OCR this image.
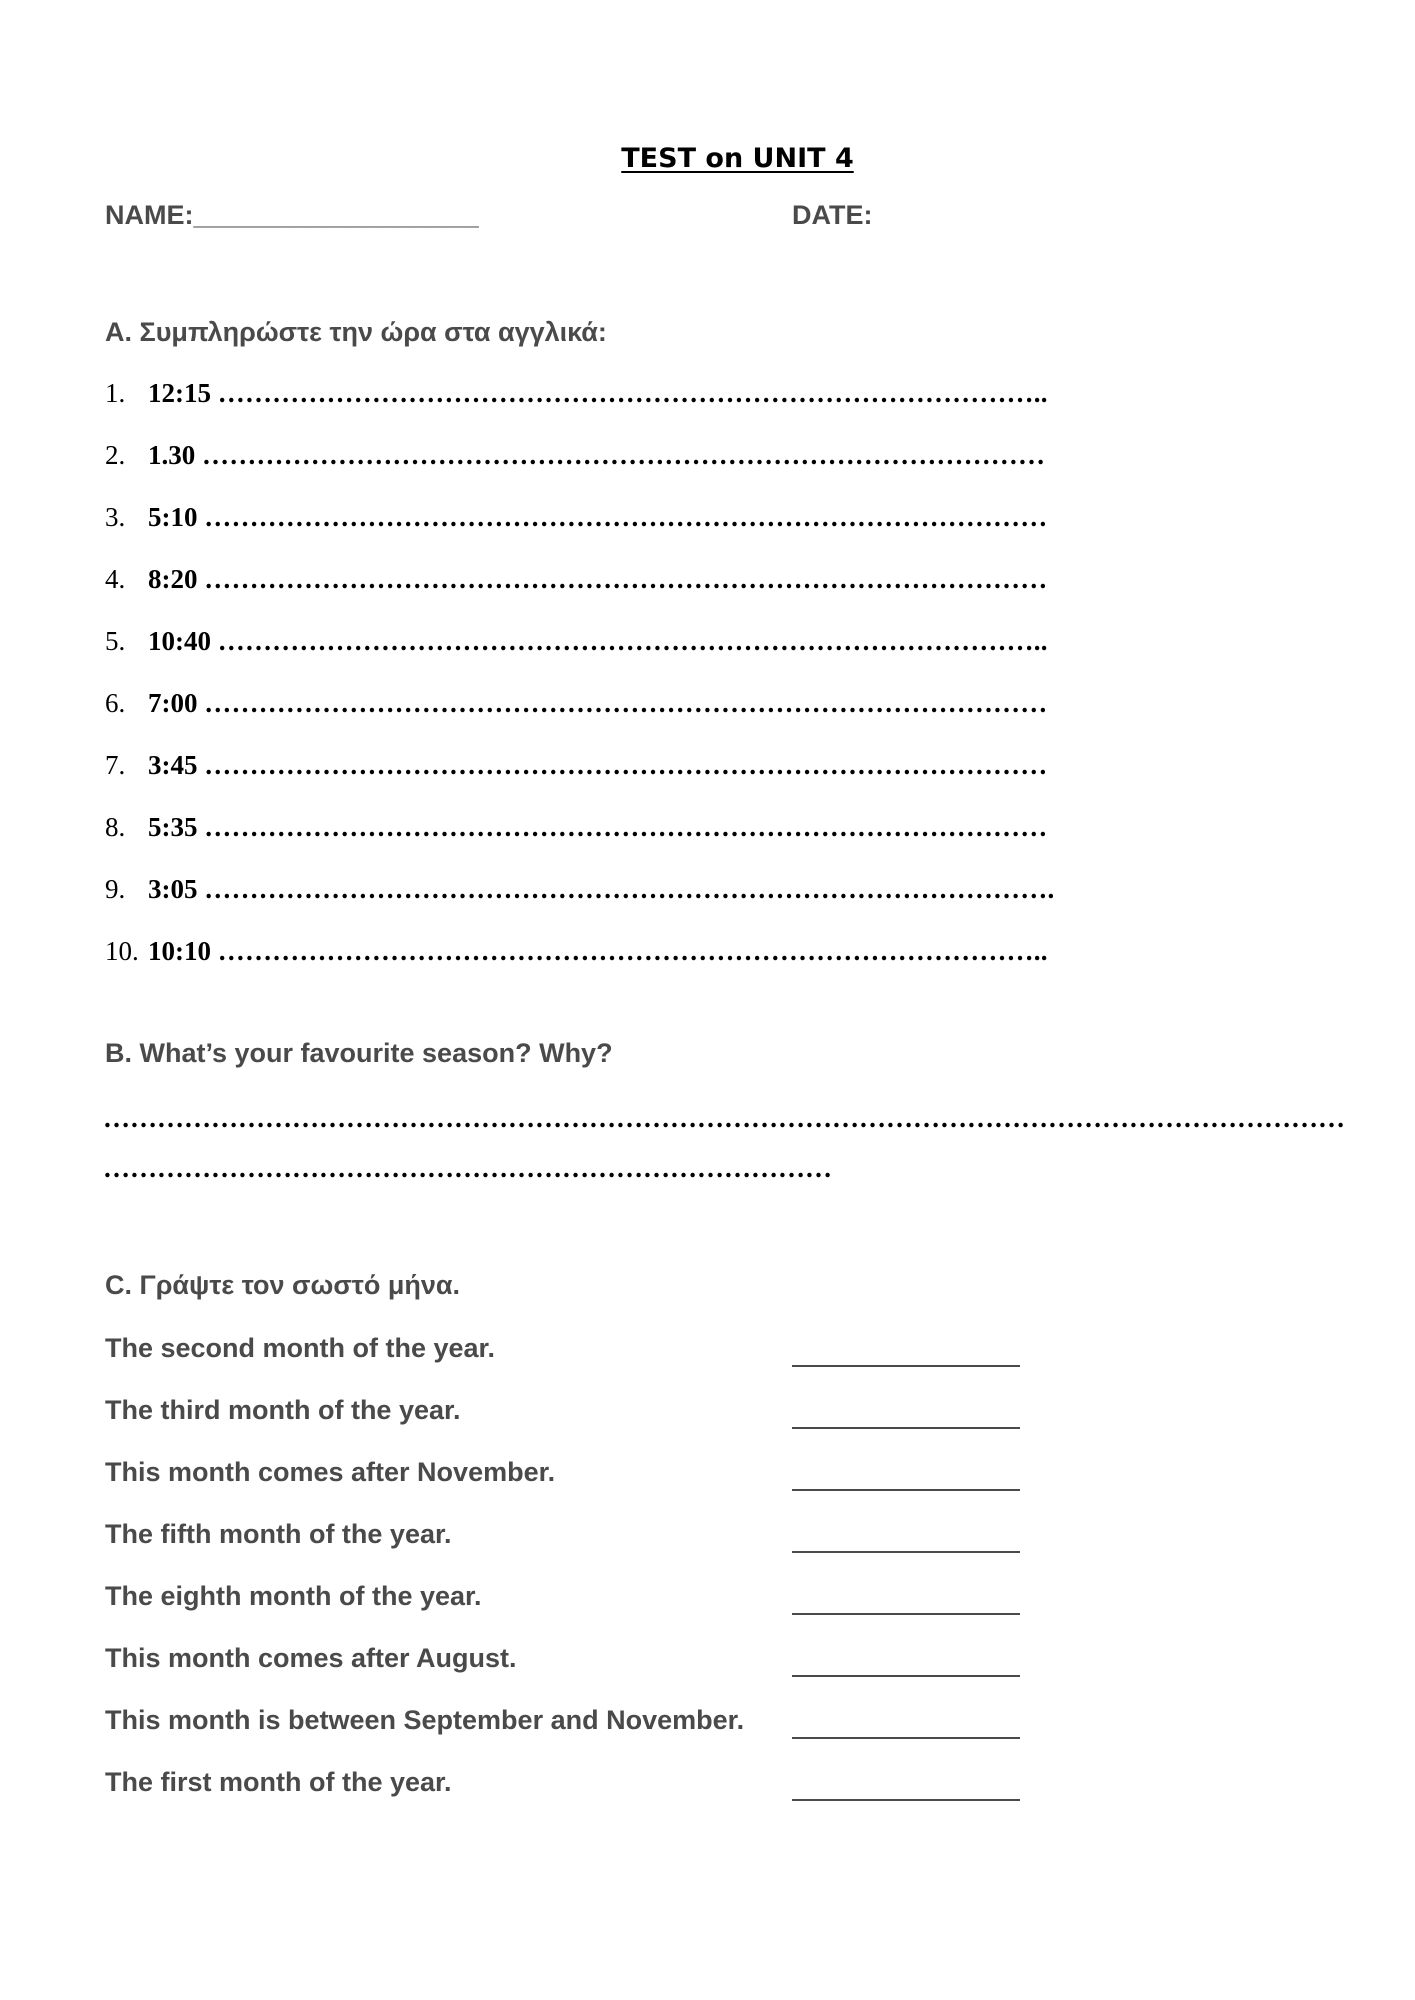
TEST on UNIT 4
NAME:___________________	DATE:
A. Συμπληρώστε την ώρα στα αγγλικά:
1. 12:15 ………………………………………………………………………………..
2. 1.30 …………………………………………………………………………………
3. 5:10 …………………………………………………………………………………
4. 8:20 …………………………………………………………………………………
5. 10:40 ………………………………………………………………………………..
6. 7:00 …………………………………………………………………………………
7. 3:45 …………………………………………………………………………………
8. 5:35 …………………………………………………………………………………
9. 3:05 ………………………………………………………………………………….
10. 10:10 ………………………………………………………………………………..
B. What’s your favourite season? Why?
…………………………………………………………………………………………………………………………
………………………………………………………………………
C. Γράψτε τον σωστό μήνα.
The second month of the year.
The third month of the year.
This month comes after November.
The fifth month of the year.
The eighth month of the year.
This month comes after August.
This month is between September and November.
The first month of the year.
